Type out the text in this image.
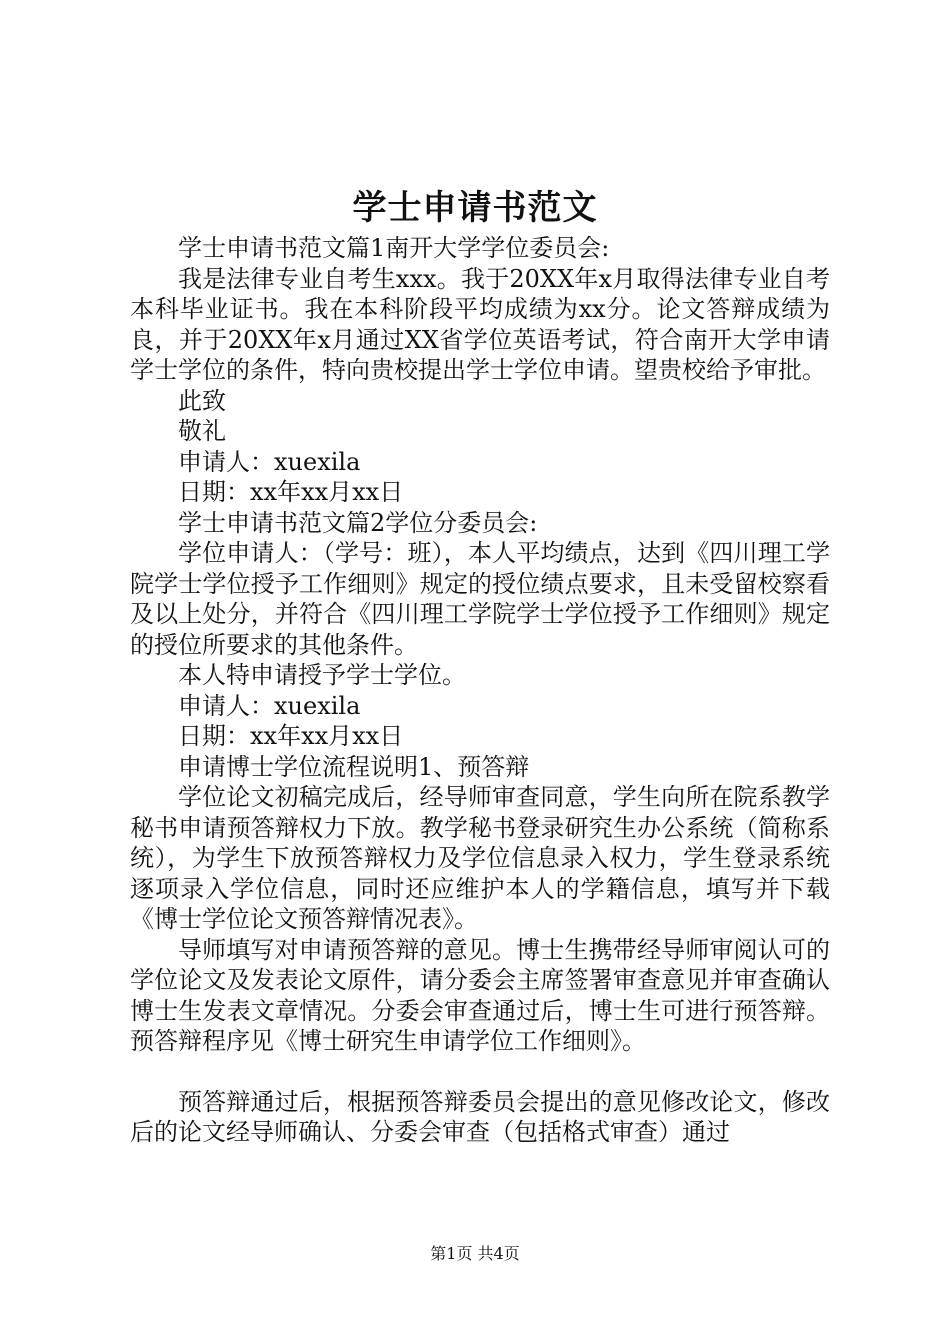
学士申请书范文

学士申请书范文篇1南开大学学位委员会:

我是法律专业自考生xxx。我于20XX年x月取得法律专业自考本科毕业证书。我在本科阶段平均成绩为xx分。论文答辩成绩为良，并于20XX年x月通过XX省学位英语考试，符合南开大学申请学士学位的条件，特向贵校提出学士学位申请。望贵校给予审批。

此致

敬礼

申请人：xuexila

日期：xx年xx月xx日

学士申请书范文篇2学位分委员会:

学位申请人：（学号：班），本人平均绩点，达到《四川理工学院学士学位授予工作细则》规定的授位绩点要求，且未受留校察看及以上处分，并符合《四川理工学院学士学位授予工作细则》规定的授位所要求的其他条件。

本人特申请授予学士学位。

申请人：xuexila

日期：xx年xx月xx日

申请博士学位流程说明1、预答辩

学位论文初稿完成后，经导师审查同意，学生向所在院系教学秘书申请预答辩权力下放。教学秘书登录研究生办公系统（简称系统），为学生下放预答辩权力及学位信息录入权力，学生登录系统逐项录入学位信息，同时还应维护本人的学籍信息，填写并下载《博士学位论文预答辩情况表》。

导师填写对申请预答辩的意见。博士生携带经导师审阅认可的学位论文及发表论文原件，请分委会主席签署审查意见并审查确认博士生发表文章情况。分委会审查通过后，博士生可进行预答辩。预答辩程序见《博士研究生申请学位工作细则》。

预答辩通过后，根据预答辩委员会提出的意见修改论文，修改后的论文经导师确认、分委会审查（包括格式审查）通过

第1页 共4页
